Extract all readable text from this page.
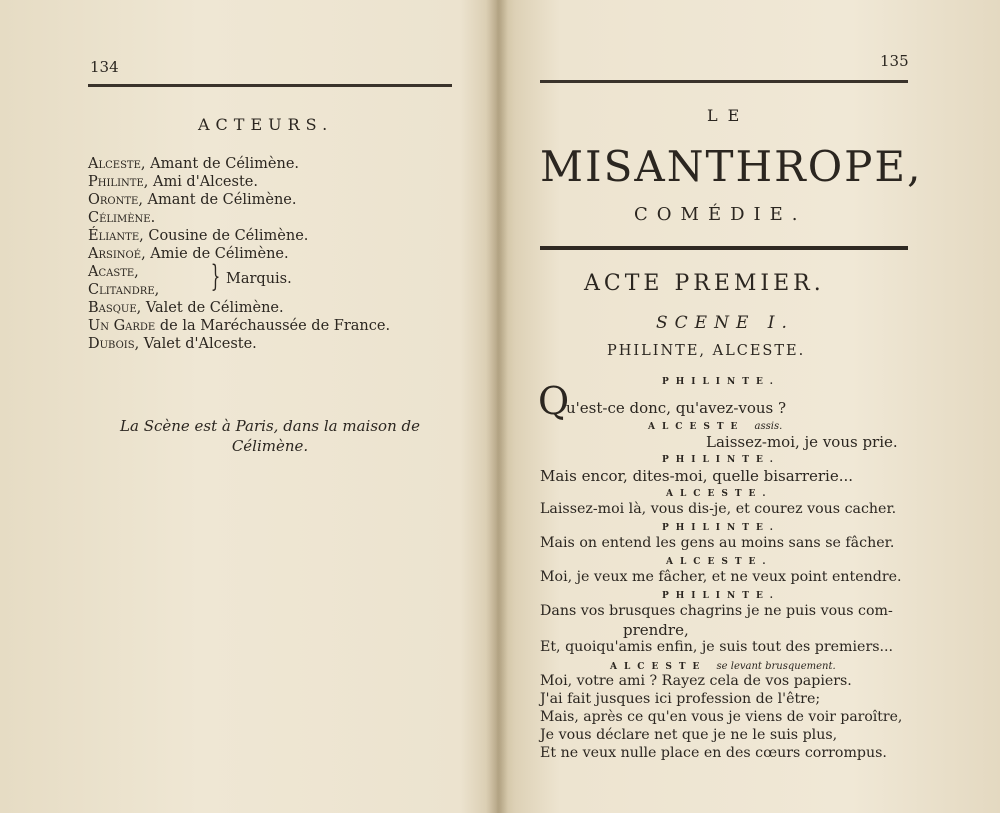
134
ACTEURS.
Alceste, Amant de Célimène.
Philinte, Ami d'Alceste.
Oronte, Amant de Célimène.
Célimène.
Éliante, Cousine de Célimène.
Arsinoé, Amie de Célimène.
Acaste,
Clitandre, } Marquis.
Basque, Valet de Célimène.
Un Garde de la Maréchaussée de France.
Dubois, Valet d'Alceste.
La Scène est à Paris, dans la maison de
Célimène.
135
LE
MISANTHROPE,
COMÉDIE.
ACTE PREMIER.
SCENE I.
PHILINTE, ALCESTE.
PHILINTE.
Q
u'est-ce donc, qu'avez-vous ?
ALCESTE assis.
Laissez-moi, je vous prie.
PHILINTE.
Mais encor, dites-moi, quelle bisarrerie...
ALCESTE.
Laissez-moi là, vous dis-je, et courez vous cacher.
PHILINTE.
Mais on entend les gens au moins sans se fâcher.
ALCESTE.
Moi, je veux me fâcher, et ne veux point entendre.
PHILINTE.
Dans vos brusques chagrins je ne puis vous com-
prendre,
Et, quoiqu'amis enfin, je suis tout des premiers...
ALCESTE se levant brusquement.
Moi, votre ami ? Rayez cela de vos papiers.
J'ai fait jusques ici profession de l'être;
Mais, après ce qu'en vous je viens de voir paroître,
Je vous déclare net que je ne le suis plus,
Et ne veux nulle place en des cœurs corrompus.
